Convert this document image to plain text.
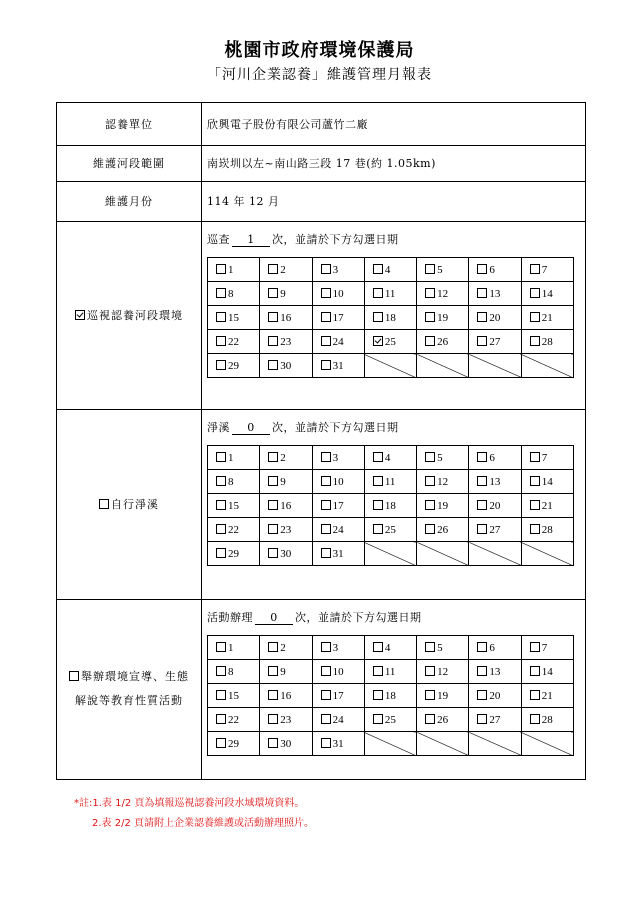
桃園市政府環境保護局
「河川企業認養」維護管理月報表
認養單位	欣興電子股份有限公司蘆竹二廠
維護河段範圍	南崁圳以左~南山路三段 17 巷(約 1.05km)
維護月份	114 年 12 月
巡視認養河段環境
巡查 1 次，並請於下方勾選日期
1	2	3	4	5	6	7
8	9	10	11	12	13	14
15	16	17	18	19	20	21
22	23	24	25	26	27	28
29	30	31				
自行淨溪
淨溪 0 次，並請於下方勾選日期
1	2	3	4	5	6	7
8	9	10	11	12	13	14
15	16	17	18	19	20	21
22	23	24	25	26	27	28
29	30	31				
舉辦環境宣導、生態
解說等教育性質活動
活動辦理 0 次，並請於下方勾選日期
1	2	3	4	5	6	7
8	9	10	11	12	13	14
15	16	17	18	19	20	21
22	23	24	25	26	27	28
29	30	31				
*註:1.表 1/2 頁為填報巡視認養河段水域環境資料。
2.表 2/2 頁請附上企業認養維護或活動辦理照片。
